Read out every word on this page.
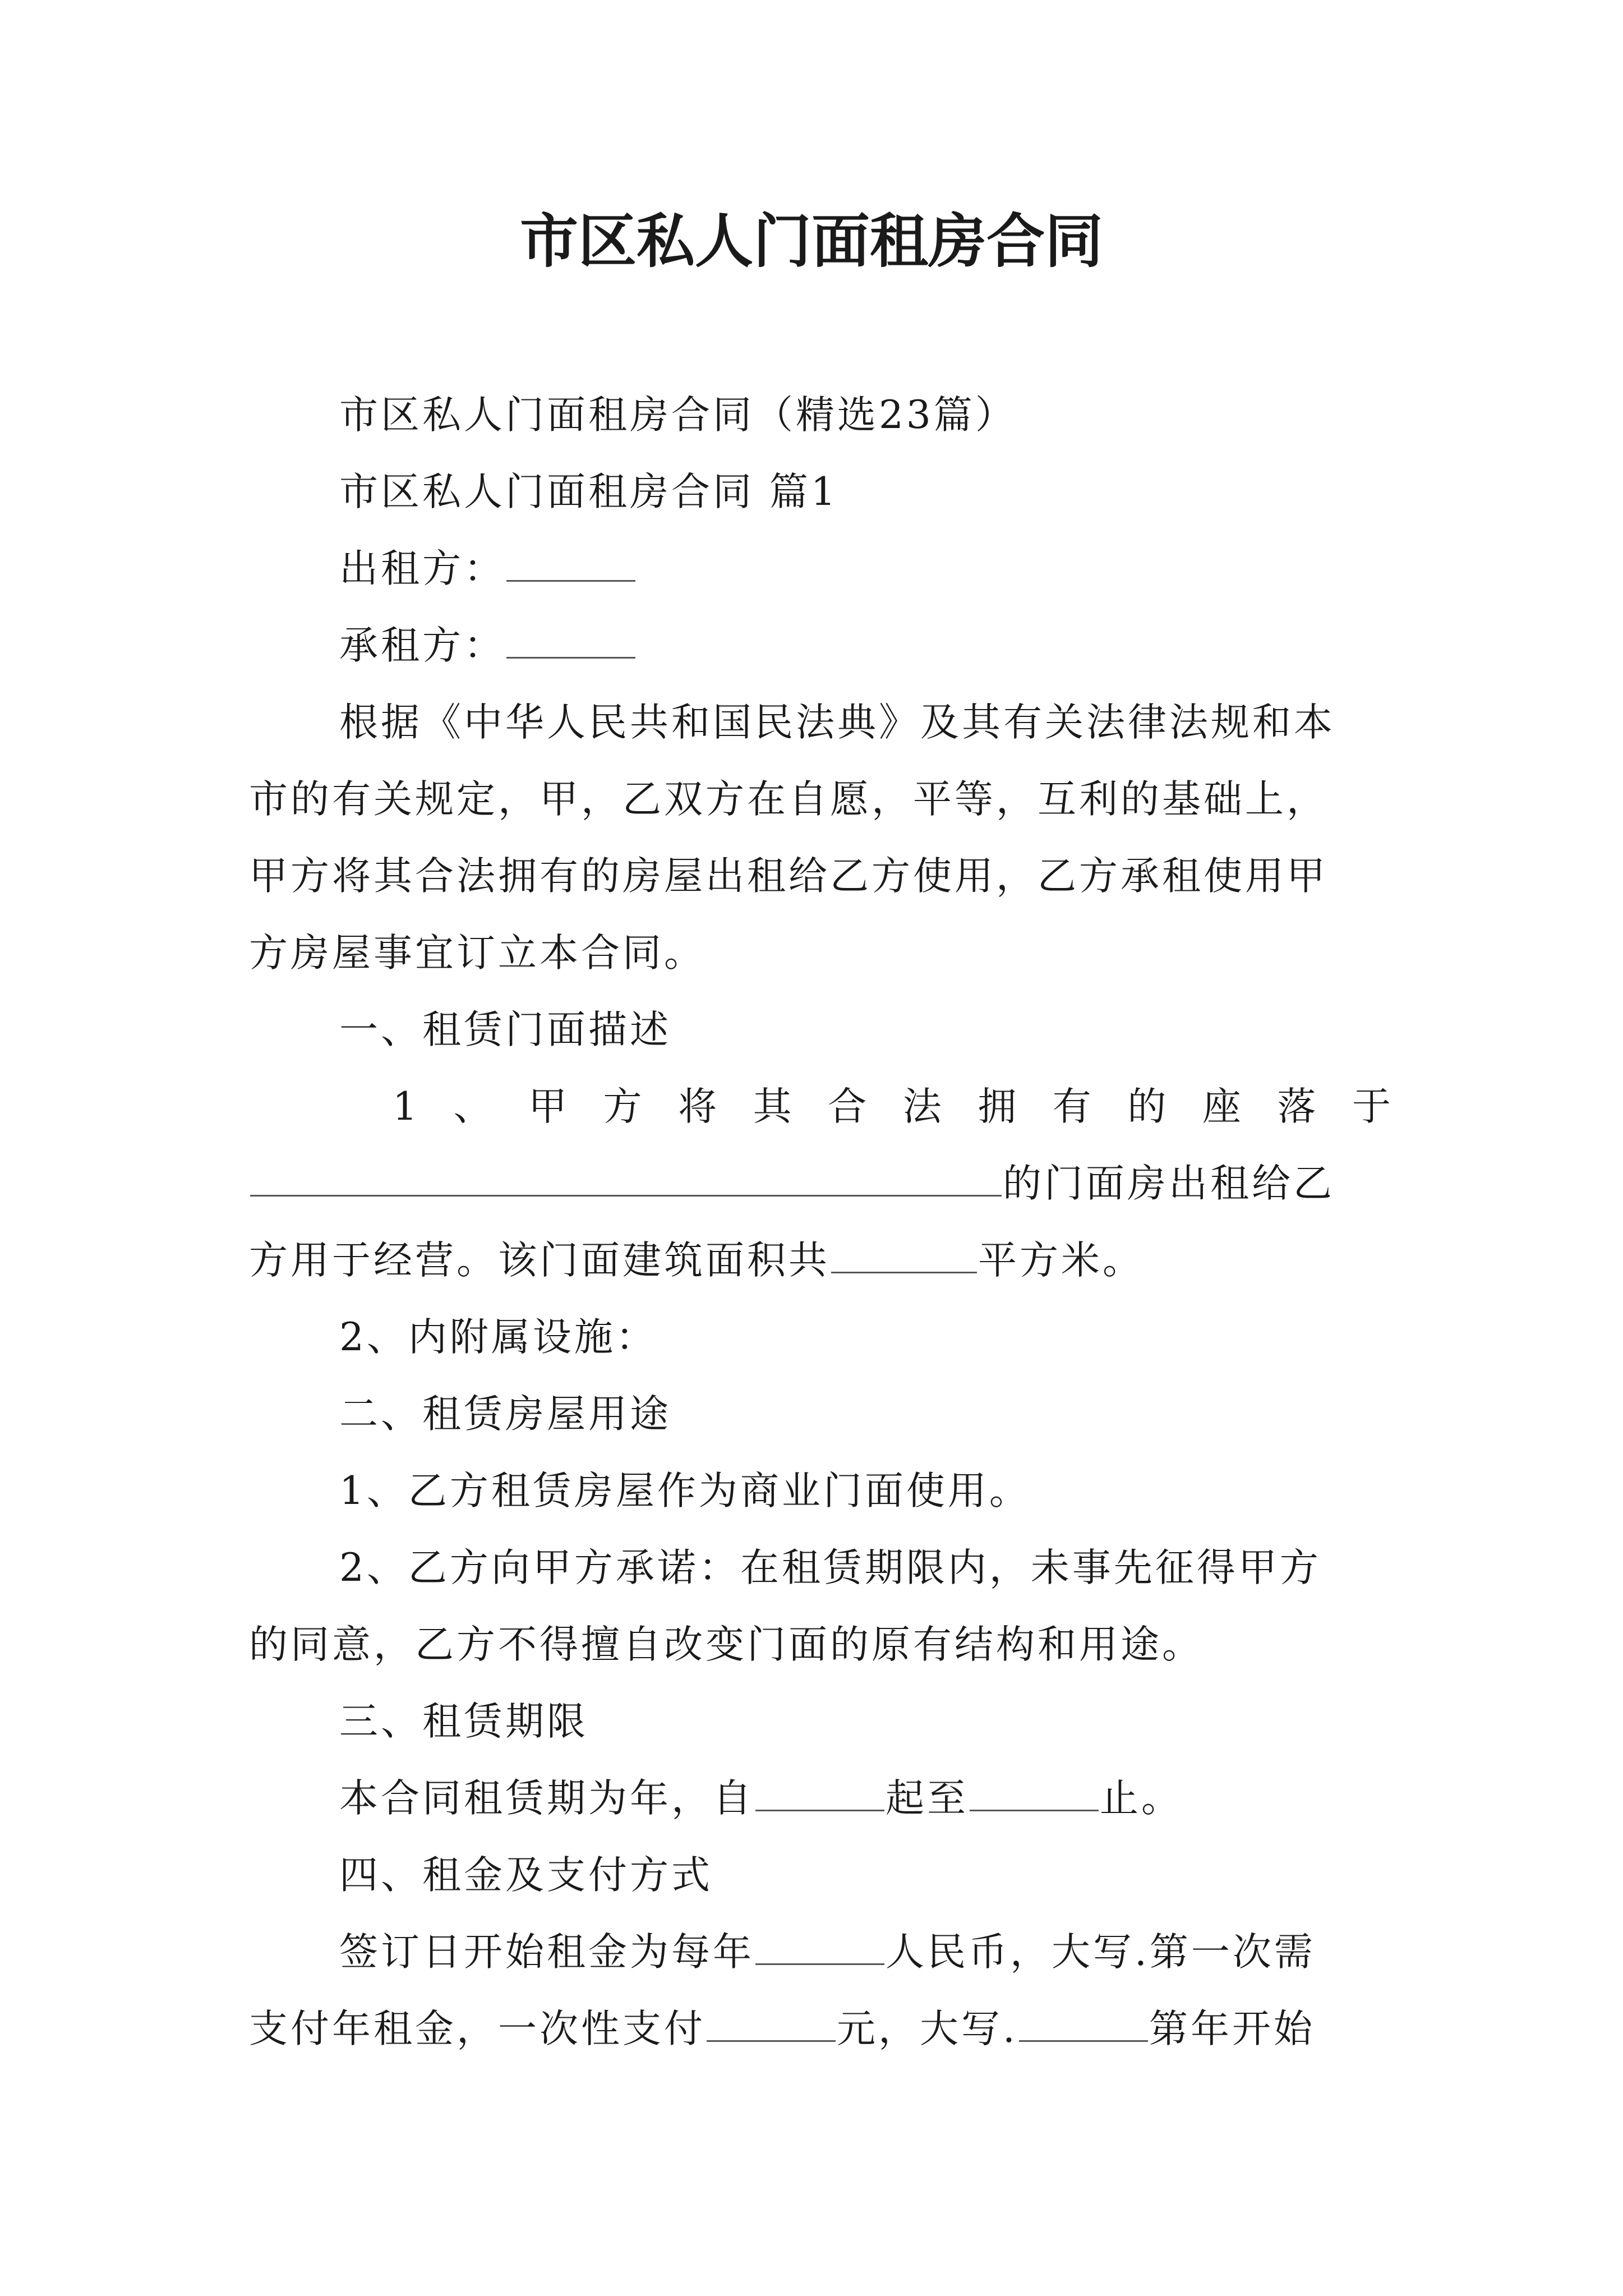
市区私人门面租房合同
市区私人门面租房合同（精选23篇）
市区私人门面租房合同 篇1
出租方：
承租方：
根据《中华人民共和国民法典》及其有关法律法规和本
市的有关规定，甲，乙双方在自愿，平等，互利的基础上，
甲方将其合法拥有的房屋出租给乙方使用，乙方承租使用甲
方房屋事宜订立本合同。
一、租赁门面描述
1、甲方将其合法拥有的座落于
的门面房出租给乙
方用于经营。该门面建筑面积共	平方米。
2、内附属设施：
二、租赁房屋用途
1、乙方租赁房屋作为商业门面使用。
2、乙方向甲方承诺：在租赁期限内，未事先征得甲方
的同意，乙方不得擅自改变门面的原有结构和用途。
三、租赁期限
本合同租赁期为年，自	起至	止。
四、租金及支付方式
签订日开始租金为每年	人民币，大写.第一次需
支付年租金，一次性支付	元，大写.	第年开始
